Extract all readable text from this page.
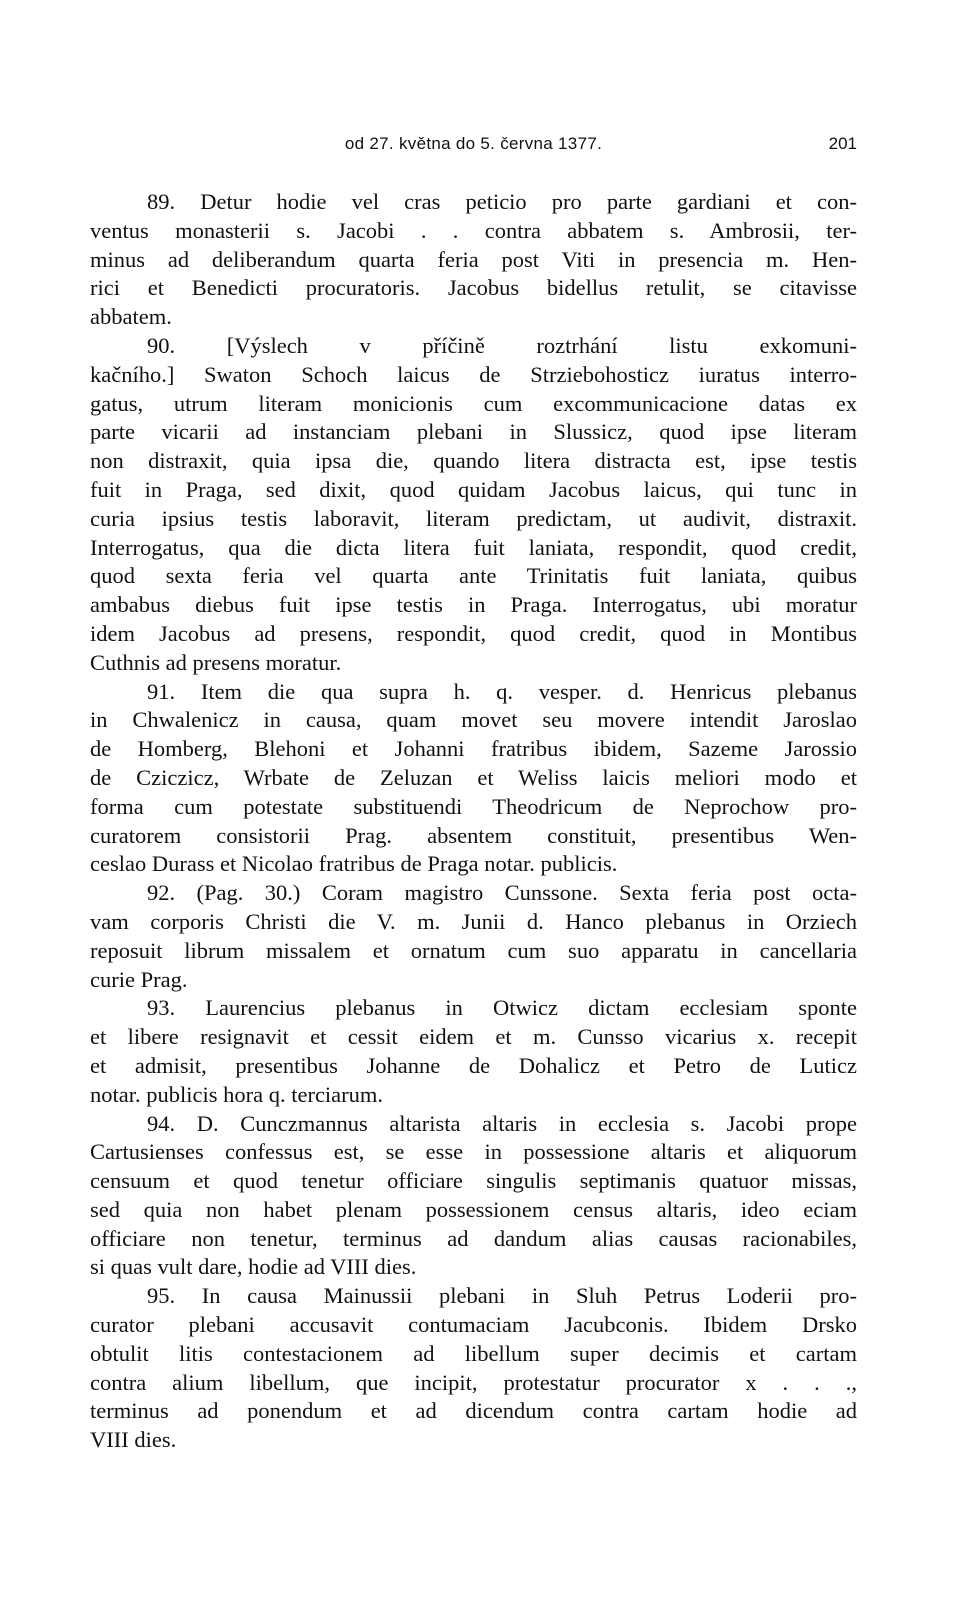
od 27. května do 5. června 1377.	201
89. Detur hodie vel cras peticio pro parte gardiani et con-
ventus monasterii s. Jacobi . . contra abbatem s. Ambrosii, ter-
minus ad deliberandum quarta feria post Viti in presencia m. Hen-
rici et Benedicti procuratoris. Jacobus bidellus retulit, se citavisse
abbatem.
90. [Výslech v příčině roztrhání listu exkomuni-
kačního.] Swaton Schoch laicus de Strziebohosticz iuratus interro-
gatus, utrum literam monicionis cum excommunicacione datas ex
parte vicarii ad instanciam plebani in Slussicz, quod ipse literam
non distraxit, quia ipsa die, quando litera distracta est, ipse testis
fuit in Praga, sed dixit, quod quidam Jacobus laicus, qui tunc in
curia ipsius testis laboravit, literam predictam, ut audivit, distraxit.
Interrogatus, qua die dicta litera fuit laniata, respondit, quod credit,
quod sexta feria vel quarta ante Trinitatis fuit laniata, quibus
ambabus diebus fuit ipse testis in Praga. Interrogatus, ubi moratur
idem Jacobus ad presens, respondit, quod credit, quod in Montibus
Cuthnis ad presens moratur.
91. Item die qua supra h. q. vesper. d. Henricus plebanus
in Chwalenicz in causa, quam movet seu movere intendit Jaroslao
de Homberg, Blehoni et Johanni fratribus ibidem, Sazeme Jarossio
de Cziczicz, Wrbate de Zeluzan et Weliss laicis meliori modo et
forma cum potestate substituendi Theodricum de Neprochow pro-
curatorem consistorii Prag. absentem constituit, presentibus Wen-
ceslao Durass et Nicolao fratribus de Praga notar. publicis.
92. (Pag. 30.) Coram magistro Cunssone. Sexta feria post octa-
vam corporis Christi die V. m. Junii d. Hanco plebanus in Orziech
reposuit librum missalem et ornatum cum suo apparatu in cancellaria
curie Prag.
93. Laurencius plebanus in Otwicz dictam ecclesiam sponte
et libere resignavit et cessit eidem et m. Cunsso vicarius x. recepit
et admisit, presentibus Johanne de Dohalicz et Petro de Luticz
notar. publicis hora q. terciarum.
94. D. Cunczmannus altarista altaris in ecclesia s. Jacobi prope
Cartusienses confessus est, se esse in possessione altaris et aliquorum
censuum et quod tenetur officiare singulis septimanis quatuor missas,
sed quia non habet plenam possessionem census altaris, ideo eciam
officiare non tenetur, terminus ad dandum alias causas racionabiles,
si quas vult dare, hodie ad VIII dies.
95. In causa Mainussii plebani in Sluh Petrus Loderii pro-
curator plebani accusavit contumaciam Jacubconis. Ibidem Drsko
obtulit litis contestacionem ad libellum super decimis et cartam
contra alium libellum, que incipit, protestatur procurator x . . .,
terminus ad ponendum et ad dicendum contra cartam hodie ad
VIII dies.
